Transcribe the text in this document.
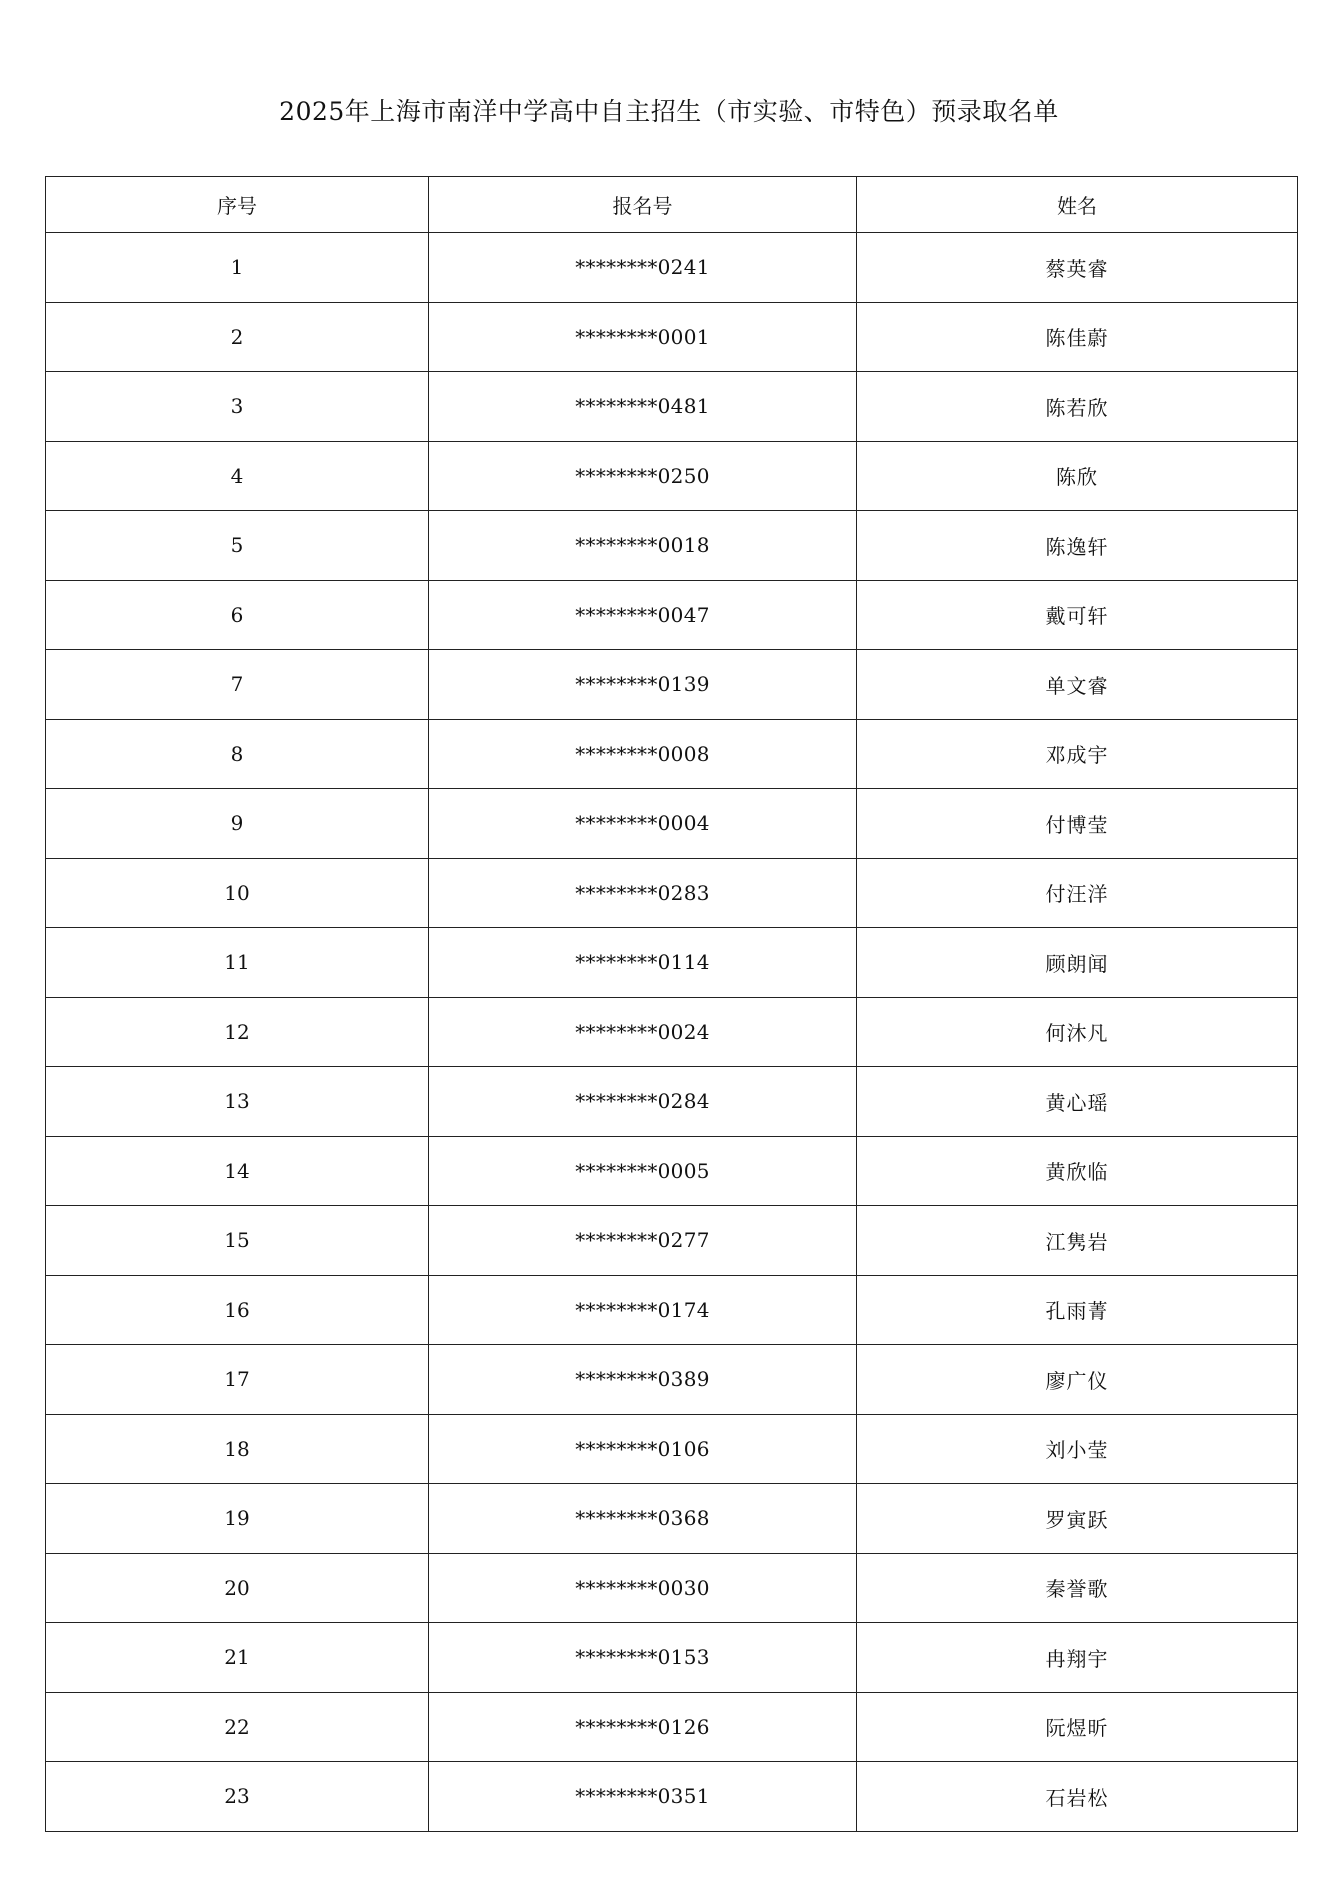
2025年上海市南洋中学高中自主招生（市实验、市特色）预录取名单
序号	报名号	姓名
1	********0241	蔡英睿
2	********0001	陈佳蔚
3	********0481	陈若欣
4	********0250	陈欣
5	********0018	陈逸轩
6	********0047	戴可轩
7	********0139	单文睿
8	********0008	邓成宇
9	********0004	付博莹
10	********0283	付汪洋
11	********0114	顾朗闻
12	********0024	何沐凡
13	********0284	黄心瑶
14	********0005	黄欣临
15	********0277	江隽岩
16	********0174	孔雨菁
17	********0389	廖广仪
18	********0106	刘小莹
19	********0368	罗寅跃
20	********0030	秦誉歌
21	********0153	冉翔宇
22	********0126	阮煜昕
23	********0351	石岩松
